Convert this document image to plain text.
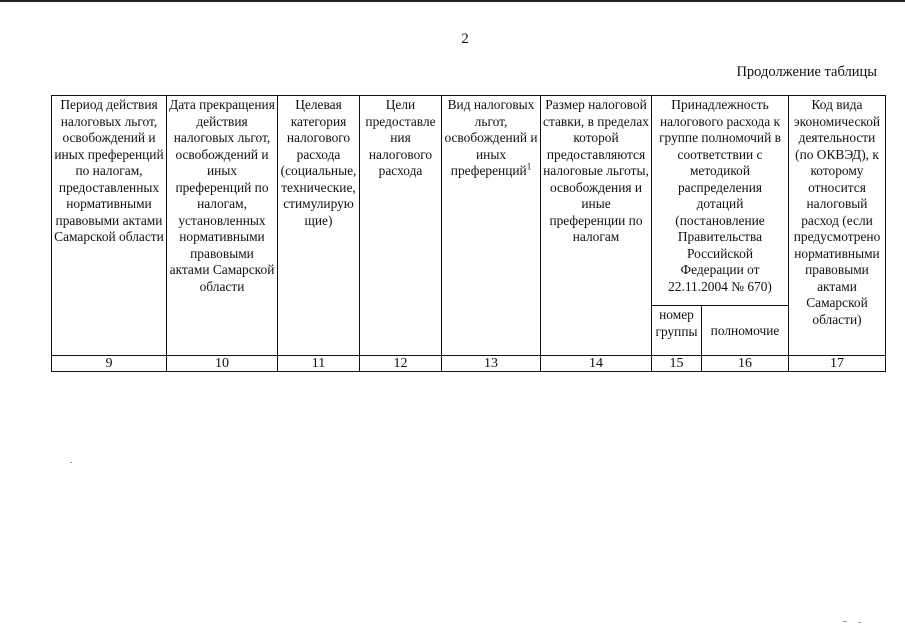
2
Продолжение таблицы
Период действия налоговых льгот, освобождений и иных преференций по налогам, предоставленных нормативными правовыми актами Самарской области	Дата прекращения действия налоговых льгот, освобождений и иных преференций по налогам, установленных нормативными правовыми актами Самарской области	Целевая категория налогового расхода (социальные, технические, стимулирующие)	Цели предоставления налогового расхода	Вид налоговых льгот, освобождений и иных преференций$^1$	Размер налоговой ставки, в пределах которой предоставляются налоговые льготы, освобождения и иные преференции по налогам	Принадлежность налогового расхода к группе полномочий в соответствии с методикой распределения дотаций (постановление Правительства Российской Федерации от 22.11.2004 № 670)		Код вида экономической деятельности (по ОКВЭД), к которому относится налоговый расход (если предусмотрено нормативными правовыми актами Самарской области)
						номер группы	полномочие	
9	10	11	12	13	14	15	16	17
